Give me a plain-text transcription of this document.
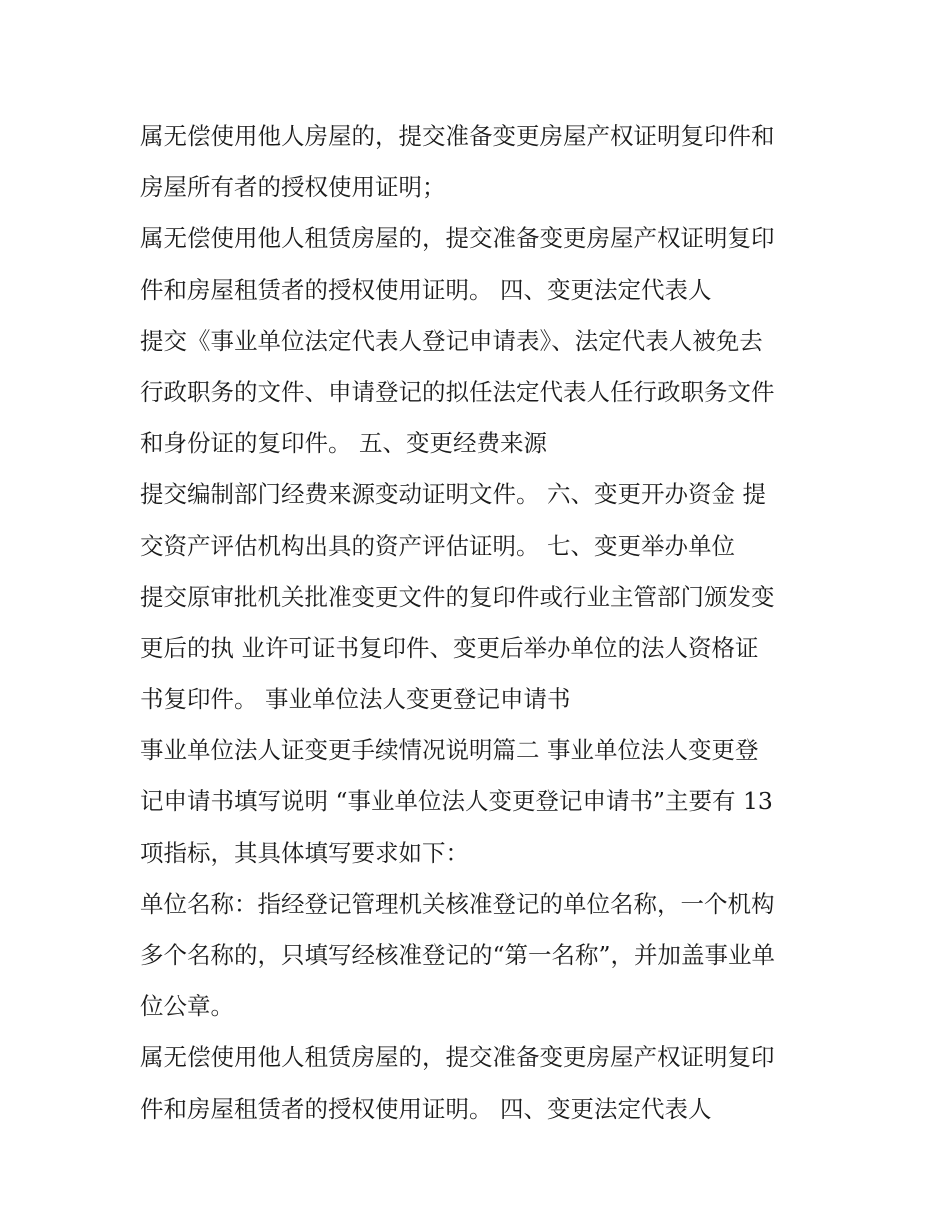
属无偿使用他人房屋的，提交准备变更房屋产权证明复印件和
房屋所有者的授权使用证明；
属无偿使用他人租赁房屋的，提交准备变更房屋产权证明复印
件和房屋租赁者的授权使用证明。 四、变更法定代表人
提交《事业单位法定代表人登记申请表》、法定代表人被免去
行政职务的文件、申请登记的拟任法定代表人任行政职务文件
和身份证的复印件。 五、变更经费来源
提交编制部门经费来源变动证明文件。 六、变更开办资金 提
交资产评估机构出具的资产评估证明。 七、变更举办单位
提交原审批机关批准变更文件的复印件或行业主管部门颁发变
更后的执 业许可证书复印件、变更后举办单位的法人资格证
书复印件。 事业单位法人变更登记申请书
事业单位法人证变更手续情况说明篇二 事业单位法人变更登
记申请书填写说明 “事业单位法人变更登记申请书”主要有 13
项指标，其具体填写要求如下：
单位名称：指经登记管理机关核准登记的单位名称，一个机构
多个名称的，只填写经核准登记的“第一名称”，并加盖事业单
位公章。
属无偿使用他人租赁房屋的，提交准备变更房屋产权证明复印
件和房屋租赁者的授权使用证明。 四、变更法定代表人
